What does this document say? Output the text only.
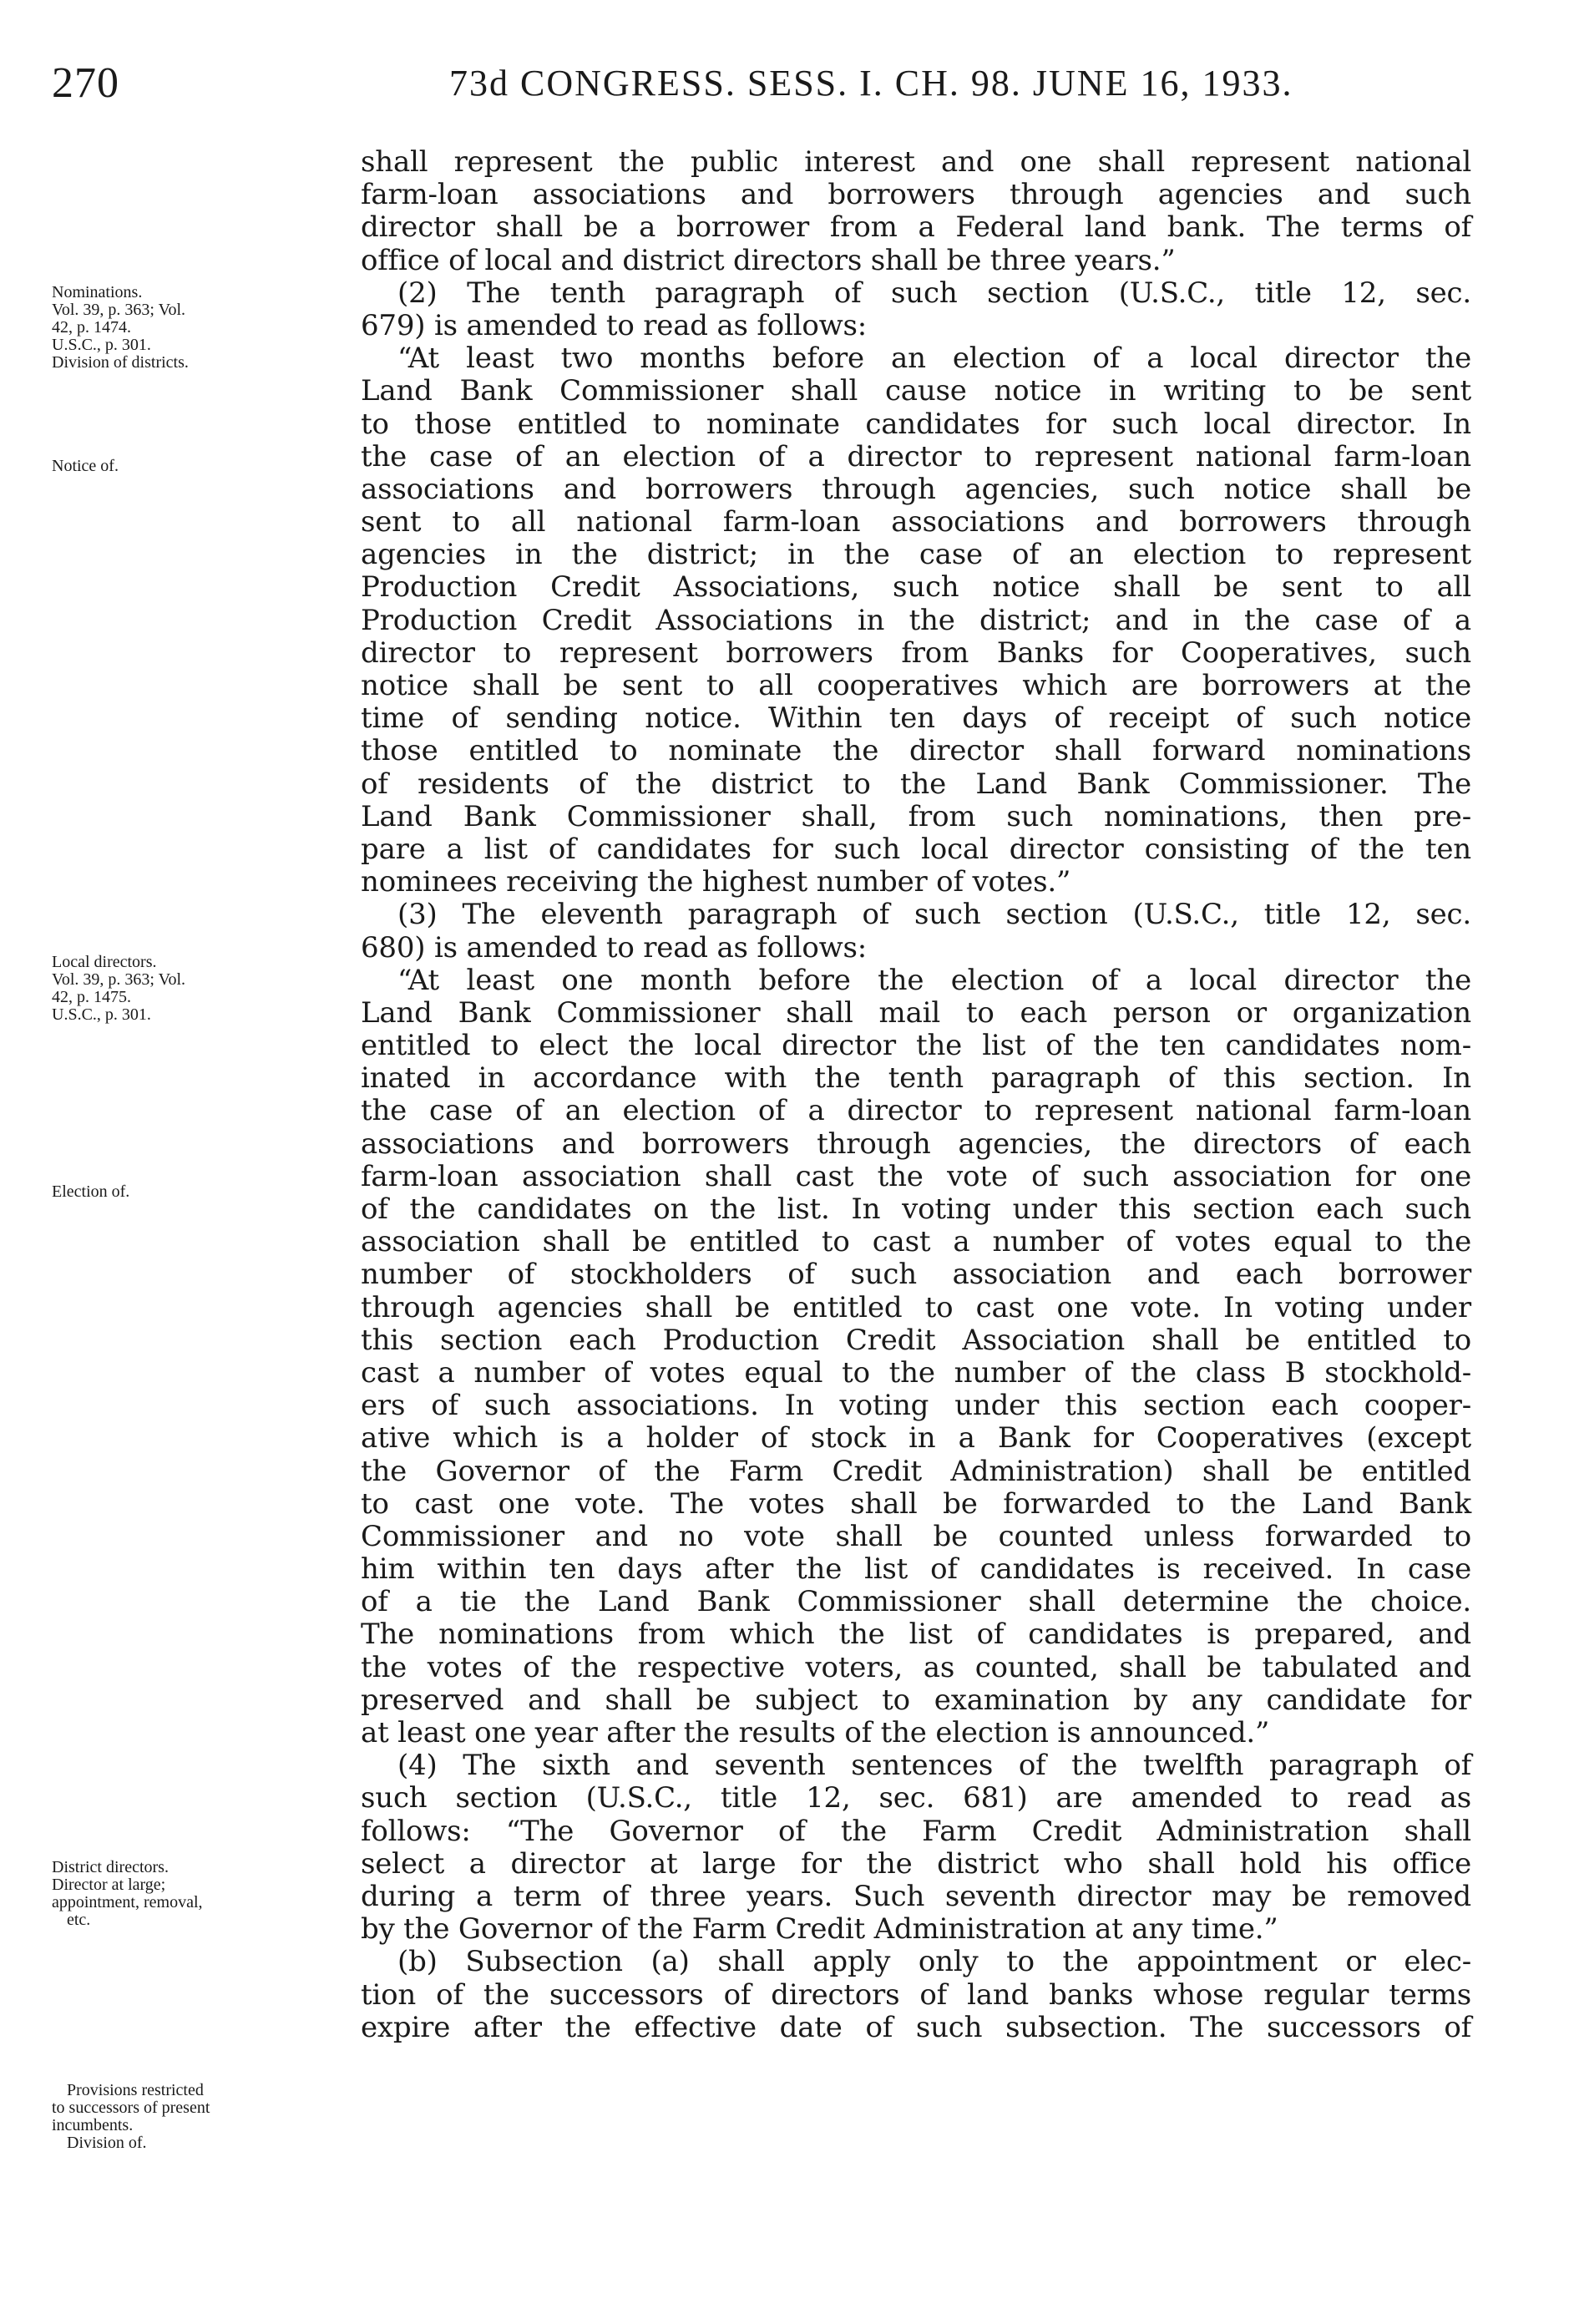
270	73d CONGRESS. SESS. I. CH. 98. JUNE 16, 1933.
Nominations.
Vol. 39, p. 363; Vol.
42, p. 1474.
U.S.C., p. 301.
Division of districts.
Notice of.
Local directors.
Vol. 39, p. 363; Vol.
42, p. 1475.
U.S.C., p. 301.
Election of.
District directors.
Director at large;
appointment, removal,
etc.
Provisions restricted
to successors of present
incumbents.
Division of.
shall represent the public interest and one shall represent national
farm-loan associations and borrowers through agencies and such
director shall be a borrower from a Federal land bank. The terms of
office of local and district directors shall be three years.”
(2) The tenth paragraph of such section (U.S.C., title 12, sec.
679) is amended to read as follows:
“At least two months before an election of a local director the
Land Bank Commissioner shall cause notice in writing to be sent
to those entitled to nominate candidates for such local director. In
the case of an election of a director to represent national farm-loan
associations and borrowers through agencies, such notice shall be
sent to all national farm-loan associations and borrowers through
agencies in the district; in the case of an election to represent
Production Credit Associations, such notice shall be sent to all
Production Credit Associations in the district; and in the case of a
director to represent borrowers from Banks for Cooperatives, such
notice shall be sent to all cooperatives which are borrowers at the
time of sending notice. Within ten days of receipt of such notice
those entitled to nominate the director shall forward nominations
of residents of the district to the Land Bank Commissioner. The
Land Bank Commissioner shall, from such nominations, then pre-
pare a list of candidates for such local director consisting of the ten
nominees receiving the highest number of votes.”
(3) The eleventh paragraph of such section (U.S.C., title 12, sec.
680) is amended to read as follows:
“At least one month before the election of a local director the
Land Bank Commissioner shall mail to each person or organization
entitled to elect the local director the list of the ten candidates nom-
inated in accordance with the tenth paragraph of this section. In
the case of an election of a director to represent national farm-loan
associations and borrowers through agencies, the directors of each
farm-loan association shall cast the vote of such association for one
of the candidates on the list. In voting under this section each such
association shall be entitled to cast a number of votes equal to the
number of stockholders of such association and each borrower
through agencies shall be entitled to cast one vote. In voting under
this section each Production Credit Association shall be entitled to
cast a number of votes equal to the number of the class B stockhold-
ers of such associations. In voting under this section each cooper-
ative which is a holder of stock in a Bank for Cooperatives (except
the Governor of the Farm Credit Administration) shall be entitled
to cast one vote. The votes shall be forwarded to the Land Bank
Commissioner and no vote shall be counted unless forwarded to
him within ten days after the list of candidates is received. In case
of a tie the Land Bank Commissioner shall determine the choice.
The nominations from which the list of candidates is prepared, and
the votes of the respective voters, as counted, shall be tabulated and
preserved and shall be subject to examination by any candidate for
at least one year after the results of the election is announced.”
(4) The sixth and seventh sentences of the twelfth paragraph of
such section (U.S.C., title 12, sec. 681) are amended to read as
follows: “The Governor of the Farm Credit Administration shall
select a director at large for the district who shall hold his office
during a term of three years. Such seventh director may be removed
by the Governor of the Farm Credit Administration at any time.”
(b) Subsection (a) shall apply only to the appointment or elec-
tion of the successors of directors of land banks whose regular terms
expire after the effective date of such subsection. The successors of
